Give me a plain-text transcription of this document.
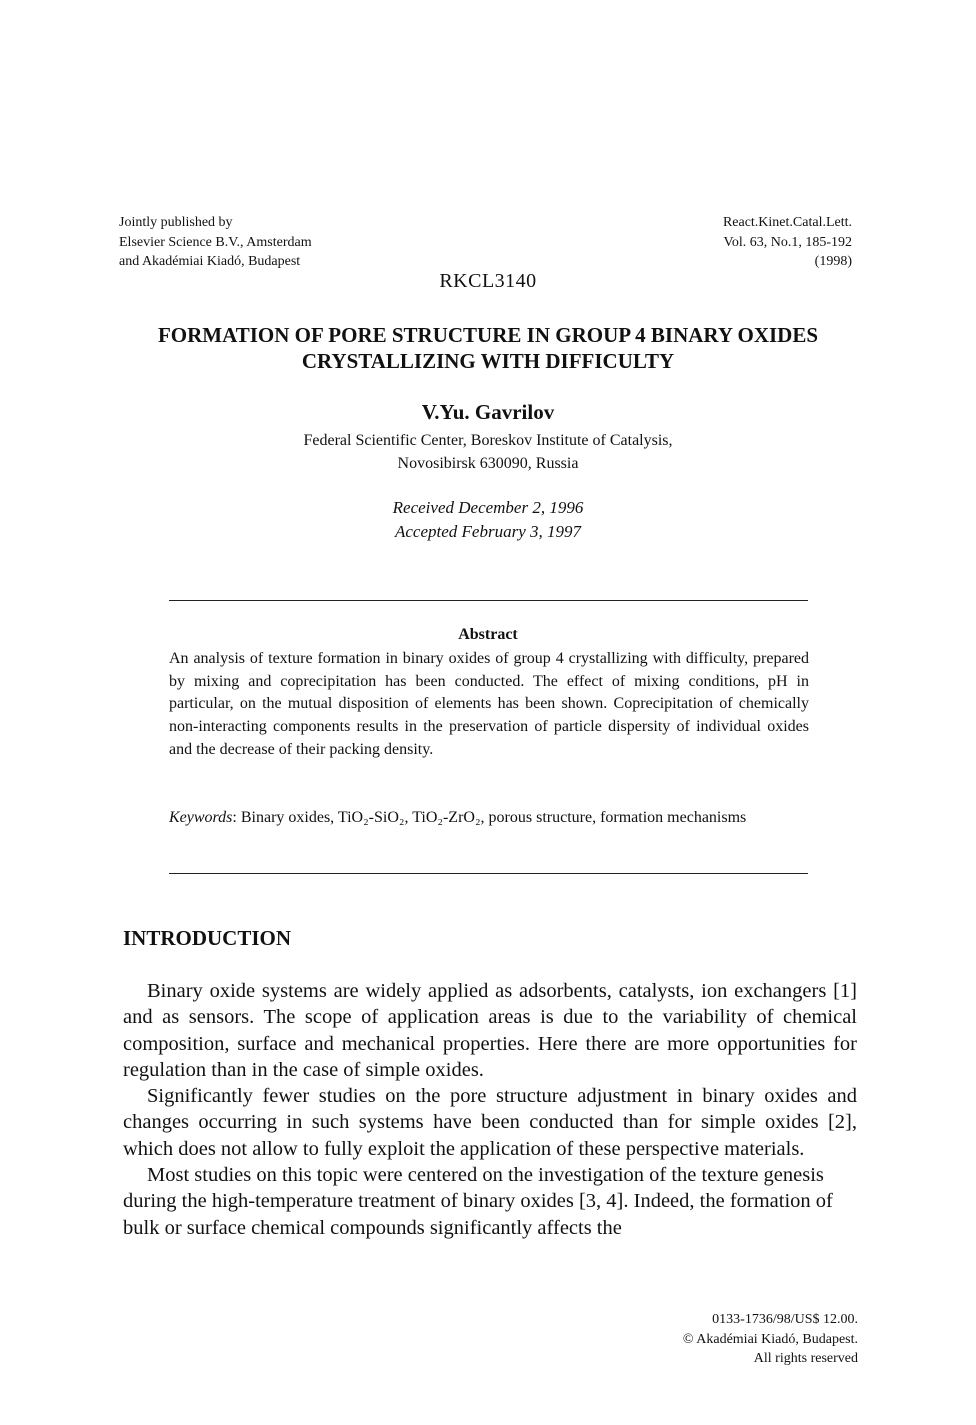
Jointly published by
Elsevier Science B.V., Amsterdam
and Akadémiai Kiadó, Budapest
React.Kinet.Catal.Lett.
Vol. 63, No.1, 185-192
(1998)
RKCL3140
FORMATION OF PORE STRUCTURE IN GROUP 4 BINARY OXIDES
CRYSTALLIZING WITH DIFFICULTY
V.Yu. Gavrilov
Federal Scientific Center, Boreskov Institute of Catalysis,
Novosibirsk 630090, Russia
Received December 2, 1996
Accepted February 3, 1997
Abstract
An analysis of texture formation in binary oxides of group 4 crystallizing with difficulty, prepared by mixing and coprecipitation has been conducted. The effect of mixing conditions, pH in particular, on the mutual disposition of elements has been shown. Coprecipitation of chemically non-interacting components results in the preservation of particle dispersity of individual oxides and the decrease of their packing density.
Keywords: Binary oxides, TiO₂-SiO₂, TiO₂-ZrO₂, porous structure, formation mechanisms
INTRODUCTION

Binary oxide systems are widely applied as adsorbents, catalysts, ion exchangers [1] and as sensors. The scope of application areas is due to the variability of chemical composition, surface and mechanical properties. Here there are more opportunities for regulation than in the case of simple oxides.

Significantly fewer studies on the pore structure adjustment in binary oxides and changes occurring in such systems have been conducted than for simple oxides [2], which does not allow to fully exploit the application of these perspective materials.

Most studies on this topic were centered on the investigation of the texture genesis during the high-temperature treatment of binary oxides [3, 4]. Indeed, the formation of bulk or surface chemical compounds significantly affects the

0133-1736/98/US$ 12.00.
© Akadémiai Kiadó, Budapest.
All rights reserved
